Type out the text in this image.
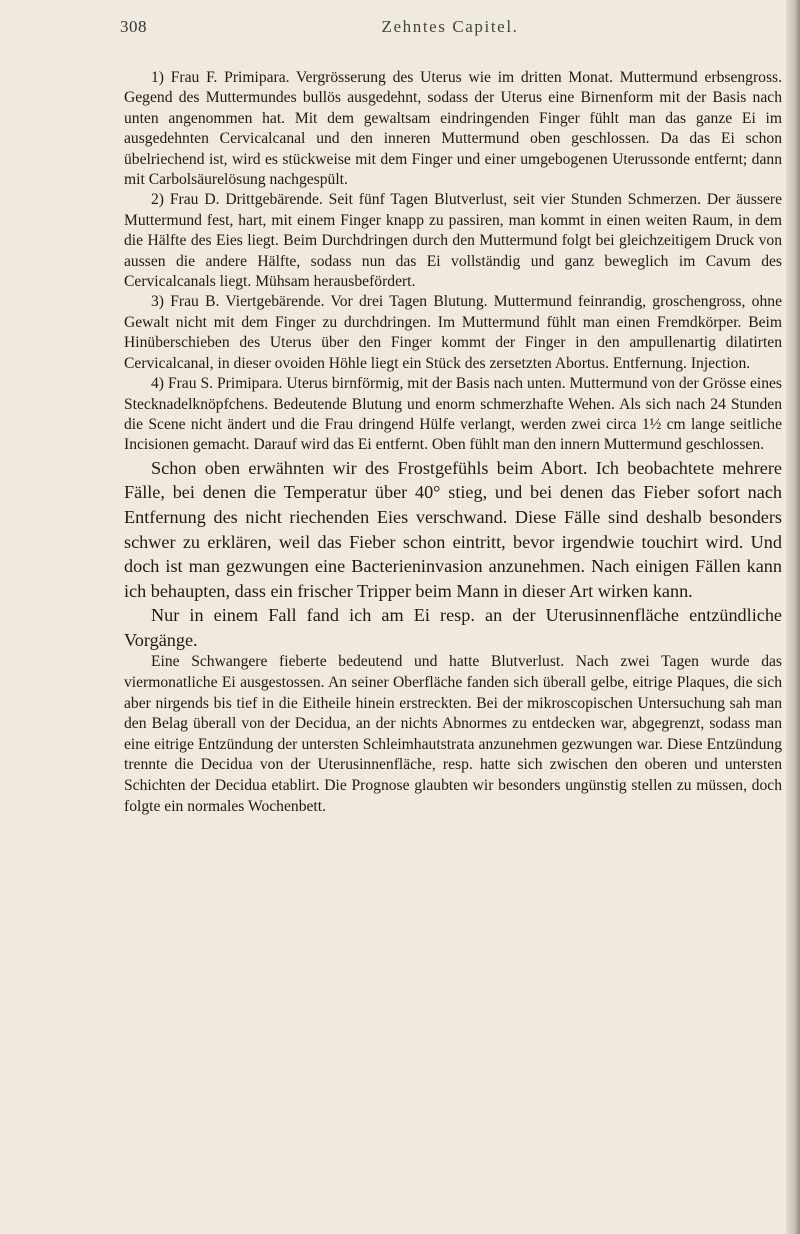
308	Zehntes Capitel.

1) Frau F. Primipara. Vergrösserung des Uterus wie im dritten Monat. Muttermund erbsengross. Gegend des Muttermundes bullös ausgedehnt, sodass der Uterus eine Birnenform mit der Basis nach unten angenommen hat. Mit dem gewaltsam eindringenden Finger fühlt man das ganze Ei im ausgedehnten Cervicalcanal und den inneren Muttermund oben geschlossen. Da das Ei schon übelriechend ist, wird es stückweise mit dem Finger und einer umgebogenen Uterussonde entfernt; dann mit Carbolsäurelösung nachgespült.

2) Frau D. Drittgebärende. Seit fünf Tagen Blutverlust, seit vier Stunden Schmerzen. Der äussere Muttermund fest, hart, mit einem Finger knapp zu passiren, man kommt in einen weiten Raum, in dem die Hälfte des Eies liegt. Beim Durchdringen durch den Muttermund folgt bei gleichzeitigem Druck von aussen die andere Hälfte, sodass nun das Ei vollständig und ganz beweglich im Cavum des Cervicalcanals liegt. Mühsam herausbefördert.

3) Frau B. Viertgebärende. Vor drei Tagen Blutung. Muttermund feinrandig, groschengross, ohne Gewalt nicht mit dem Finger zu durchdringen. Im Muttermund fühlt man einen Fremdkörper. Beim Hinüberschieben des Uterus über den Finger kommt der Finger in den ampullenartig dilatirten Cervicalcanal, in dieser ovoiden Höhle liegt ein Stück des zersetzten Abortus. Entfernung. Injection.

4) Frau S. Primipara. Uterus birnförmig, mit der Basis nach unten. Muttermund von der Grösse eines Stecknadelknöpfchens. Bedeutende Blutung und enorm schmerzhafte Wehen. Als sich nach 24 Stunden die Scene nicht ändert und die Frau dringend Hülfe verlangt, werden zwei circa 1½ cm lange seitliche Incisionen gemacht. Darauf wird das Ei entfernt. Oben fühlt man den innern Muttermund geschlossen.

Schon oben erwähnten wir des Frostgefühls beim Abort. Ich beobachtete mehrere Fälle, bei denen die Temperatur über 40° stieg, und bei denen das Fieber sofort nach Entfernung des nicht riechenden Eies verschwand. Diese Fälle sind deshalb besonders schwer zu erklären, weil das Fieber schon eintritt, bevor irgendwie touchirt wird. Und doch ist man gezwungen eine Bacterieninvasion anzunehmen. Nach einigen Fällen kann ich behaupten, dass ein frischer Tripper beim Mann in dieser Art wirken kann.

Nur in einem Fall fand ich am Ei resp. an der Uterusinnenfläche entzündliche Vorgänge.

Eine Schwangere fieberte bedeutend und hatte Blutverlust. Nach zwei Tagen wurde das viermonatliche Ei ausgestossen. An seiner Oberfläche fanden sich überall gelbe, eitrige Plaques, die sich aber nirgends bis tief in die Eitheile hinein erstreckten. Bei der mikroscopischen Untersuchung sah man den Belag überall von der Decidua, an der nichts Abnormes zu entdecken war, abgegrenzt, sodass man eine eitrige Entzündung der untersten Schleimhautstrata anzunehmen gezwungen war. Diese Entzündung trennte die Decidua von der Uterusinnenfläche, resp. hatte sich zwischen den oberen und untersten Schichten der Decidua etablirt. Die Prognose glaubten wir besonders ungünstig stellen zu müssen, doch folgte ein normales Wochenbett.
